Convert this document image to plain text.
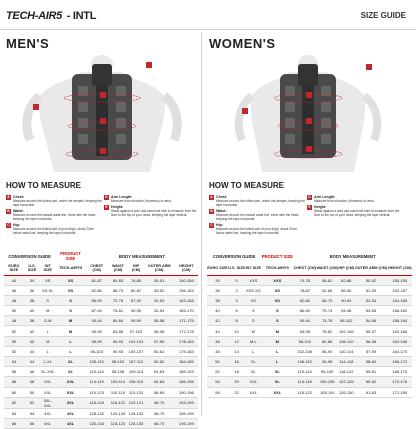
TECH-AIR5 - INTL	SIZE GUIDE
MEN'S	WOMEN'S
HOW TO MEASURE	HOW TO MEASURE
A Chest:
Measure around the fullest part, under the armpits, keeping the tape horizontal.
B Waist:
Measure around the natural waist line, inline with the head, keeping the tape horizontal.
C Hip:
Measure around the fullest part of your thigh, about 20cm below waist line, keeping the tape horizontal.
D Arm Length:
Measure from shoulder (Humerus) to wrist.
E Height:
Stand against a wall, ask someone else to measure from the floor to the top of your head, keeping the tape vertical.
A Chest:
Measure around the fullest part, under the armpits, keeping the tape horizontal.
B Waist:
Measure around the natural waist line, inline with the head, keeping the tape horizontal.
C Hip:
Measure around the fullest part of your thigh, about 20cm below waist line, keeping the tape horizontal.
D Arm Length:
Measure from shoulder (Humerus) to wrist.
E Height:
Stand against a wall, ask someone else to measure from the floor to the top of your head, keeping the tape vertical.
CONVERSION GUIDE			PRODUCT SIZE	BODY MEASUREMENT				
EURO SIZE	U.S. SIZE	INT SIZE	TECH-AIR®5	CHEST (CM)	WAIST (CM)	HIP (CM)	OUTER ARM (CM)	HEIGHT (CM)
44	34	XS	XS	81-87	69-83	76-85	50-51	150-155
46	36	XS-XL	XS	82-86	68-73	80-87	50-52	156-163
48	38	S	S	86-90	72-76	87-92	52-53	163-168
50	40	M	S	87-94	75-81	90-95	52-54	165-170
48	38	S-M	M	90-94	80-84	95-99	56-58	171-175
52	42	L	M	95-99	84-88	97-102	56-58	172-178
50	40	M	L	96-99	90-93	100-103	57-59	178-183
52	44	L	L	98-103	90-93	100-107	60-62	179-183
54	44	L-XL	XL	105-110	98-103	107-112	60-62	184-189
56	46	XL-XXL	XL	110-114	98-108	109-113	61-63	185-193
58	48	XXL	XXL	114-119	109-114	108-115	61-64	186-196
60	50	XXL	XXL	119-123	110-119	113-120	66-69	190-196
62	52	3XL-4XL	3XL	118-128	118-122	120-121	66-70	193-199
64	54	4XL	4XL	128-132	124-128	128-132	68-70	195-199
66	56	5XL	4XL	130-134	118-123	126-130	68-70	195-199
CONVERSION GUIDE			PRODUCT SIZE	BODY MEASUREMENT				
EURO SIZE	U.S. SIZE	INT SIZE	TECH-AIR®5	CHEST (CM)	WAIST (CM)	HIP (CM)	OUTER ARM (CM)	HEIGHT (CM)
34	0	XXS	XXS	74-78	58-62	82-86	50-52	150-155
36	2	XXS-XS	XS	78-82	62-66	86-90	51-53	152-157
38	4	XS	XS	82-86	66-70	90-94	52-54	154-160
40	6	S	S	86-90	70-74	94-98	53-55	156-162
42	8	S	S	90-94	74-78	98-102	54-56	158-164
44	10	M	M	94-98	78-82	102-106	55-57	160-166
46	12	M-L	M	98-102	82-86	106-110	56-58	162-168
48	14	L	L	102-106	86-90	110-114	57-59	164-170
50	16	XL	L	106-110	90-95	114-118	58-60	166-172
52	18	XL	XL	110-114	95-100	118-122	59-61	168-175
54	20	XXL	XL	114-118	100-105	122-126	60-62	170-178
56	22	XXL	XXL	118-122	105-110	126-130	61-63	172-180
